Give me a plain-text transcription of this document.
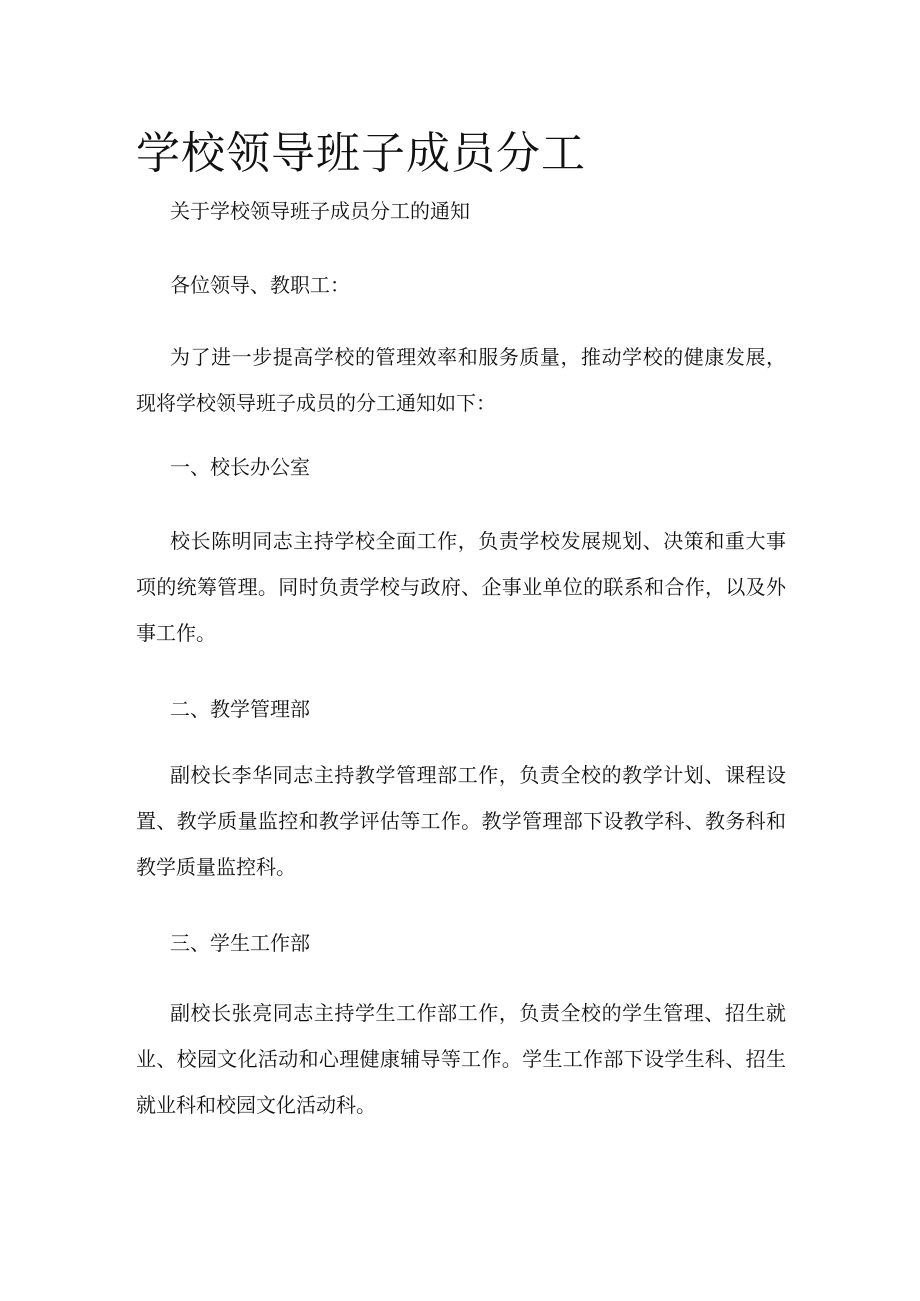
学校领导班子成员分工

关于学校领导班子成员分工的通知

各位领导、教职工：

为了进一步提高学校的管理效率和服务质量，推动学校的健康发展，现将学校领导班子成员的分工通知如下：

一、校长办公室

校长陈明同志主持学校全面工作，负责学校发展规划、决策和重大事项的统筹管理。同时负责学校与政府、企事业单位的联系和合作，以及外事工作。

二、教学管理部

副校长李华同志主持教学管理部工作，负责全校的教学计划、课程设置、教学质量监控和教学评估等工作。教学管理部下设教学科、教务科和教学质量监控科。

三、学生工作部

副校长张亮同志主持学生工作部工作，负责全校的学生管理、招生就业、校园文化活动和心理健康辅导等工作。学生工作部下设学生科、招生就业科和校园文化活动科。
